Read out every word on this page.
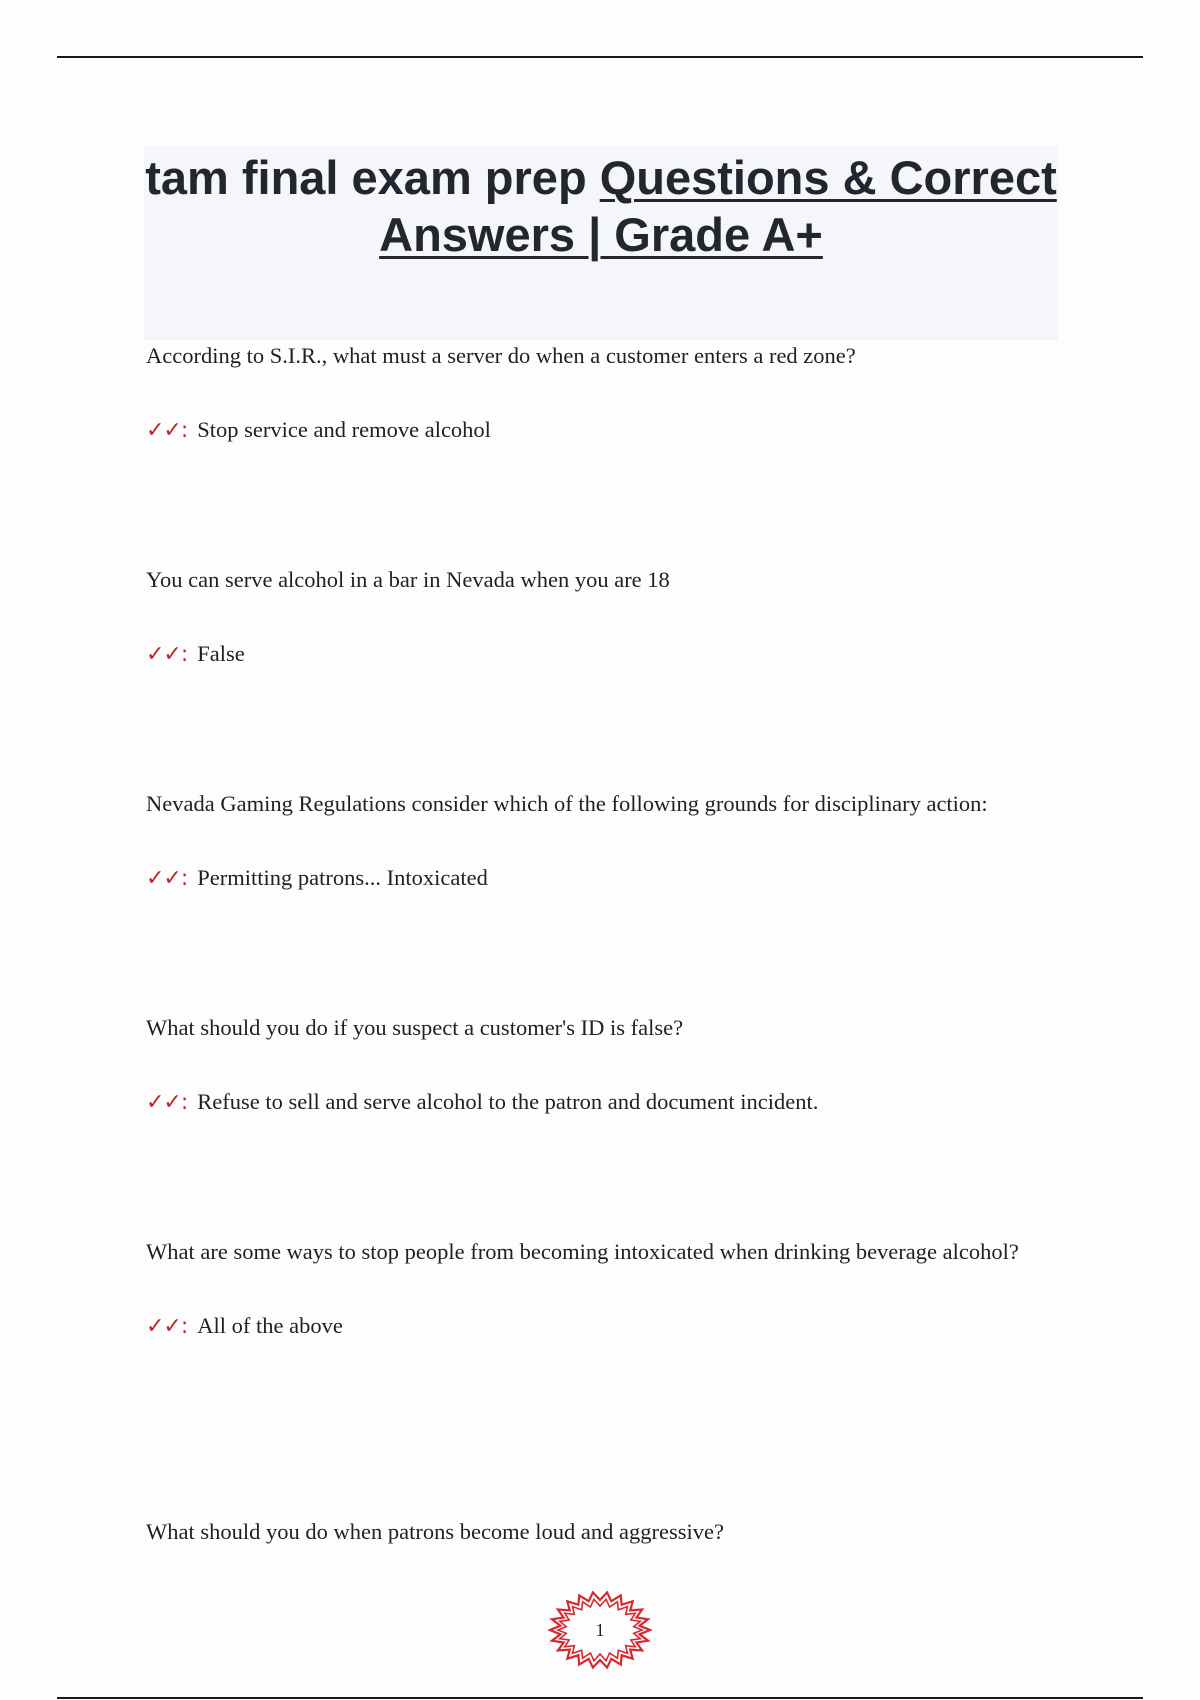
tam final exam prep Questions & Correct Answers | Grade A+

According to S.I.R., what must a server do when a customer enters a red zone?

✓✓: Stop service and remove alcohol

You can serve alcohol in a bar in Nevada when you are 18

✓✓: False

Nevada Gaming Regulations consider which of the following grounds for disciplinary action:

✓✓: Permitting patrons... Intoxicated

What should you do if you suspect a customer's ID is false?

✓✓: Refuse to sell and serve alcohol to the patron and document incident.

What are some ways to stop people from becoming intoxicated when drinking beverage alcohol?

✓✓: All of the above

What should you do when patrons become loud and aggressive?

1
